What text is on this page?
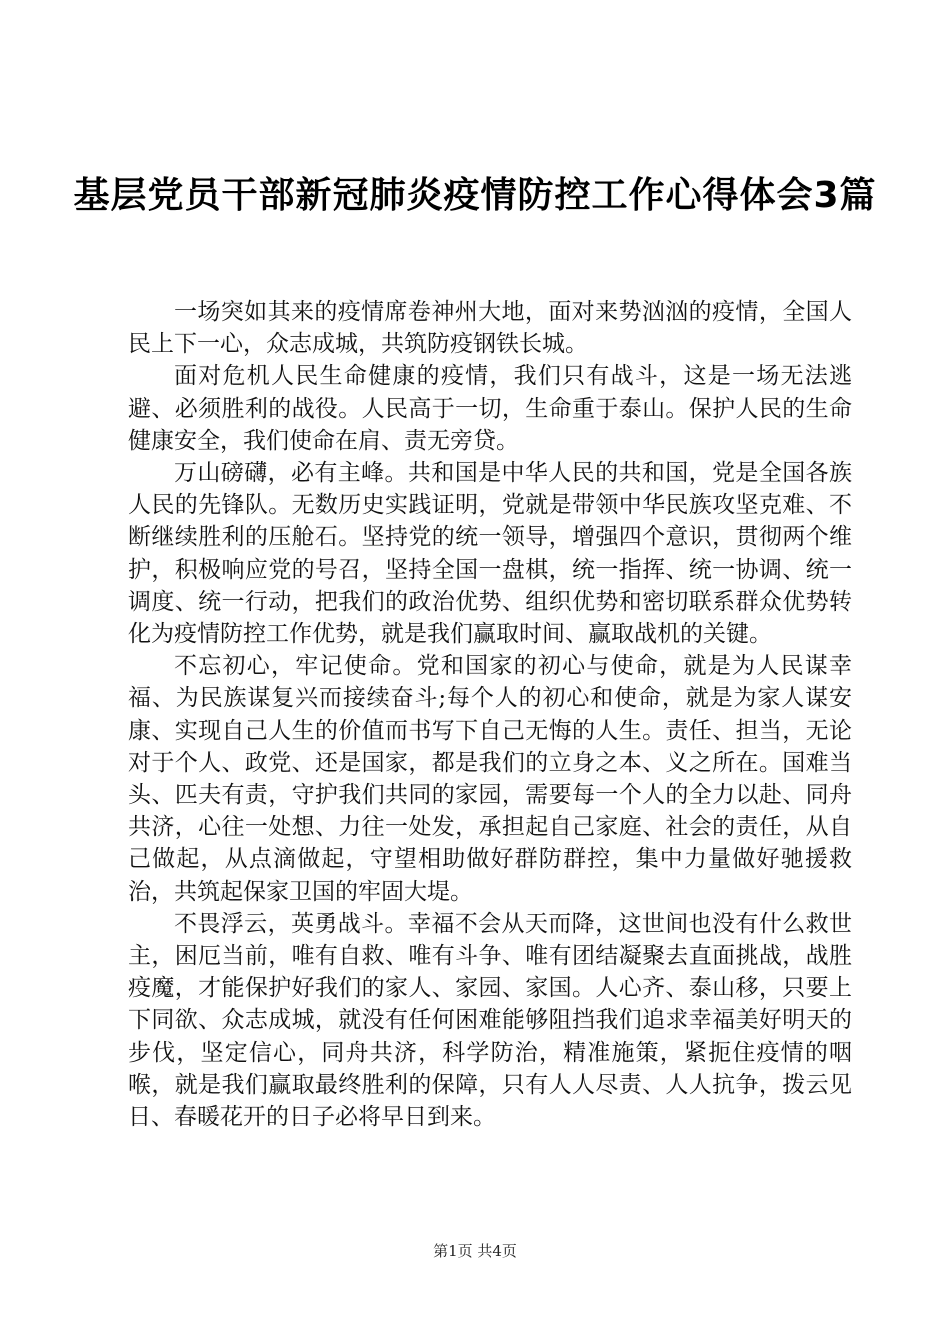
基层党员干部新冠肺炎疫情防控工作心得体会3篇

一场突如其来的疫情席卷神州大地，面对来势汹汹的疫情，全国人民上下一心，众志成城，共筑防疫钢铁长城。

面对危机人民生命健康的疫情，我们只有战斗，这是一场无法逃避、必须胜利的战役。人民高于一切，生命重于泰山。保护人民的生命健康安全，我们使命在肩、责无旁贷。

万山磅礴，必有主峰。共和国是中华人民的共和国，党是全国各族人民的先锋队。无数历史实践证明，党就是带领中华民族攻坚克难、不断继续胜利的压舱石。坚持党的统一领导，增强四个意识，贯彻两个维护，积极响应党的号召，坚持全国一盘棋，统一指挥、统一协调、统一调度、统一行动，把我们的政治优势、组织优势和密切联系群众优势转化为疫情防控工作优势，就是我们赢取时间、赢取战机的关键。

不忘初心，牢记使命。党和国家的初心与使命，就是为人民谋幸福、为民族谋复兴而接续奋斗;每个人的初心和使命，就是为家人谋安康、实现自己人生的价值而书写下自己无悔的人生。责任、担当，无论对于个人、政党、还是国家，都是我们的立身之本、义之所在。国难当头、匹夫有责，守护我们共同的家园，需要每一个人的全力以赴、同舟共济，心往一处想、力往一处发，承担起自己家庭、社会的责任，从自己做起，从点滴做起，守望相助做好群防群控，集中力量做好驰援救治，共筑起保家卫国的牢固大堤。

不畏浮云，英勇战斗。幸福不会从天而降，这世间也没有什么救世主，困厄当前，唯有自救、唯有斗争、唯有团结凝聚去直面挑战，战胜疫魔，才能保护好我们的家人、家园、家国。人心齐、泰山移，只要上下同欲、众志成城，就没有任何困难能够阻挡我们追求幸福美好明天的步伐，坚定信心，同舟共济，科学防治，精准施策，紧扼住疫情的咽喉，就是我们赢取最终胜利的保障，只有人人尽责、人人抗争，拨云见日、春暖花开的日子必将早日到来。

第1页 共4页
